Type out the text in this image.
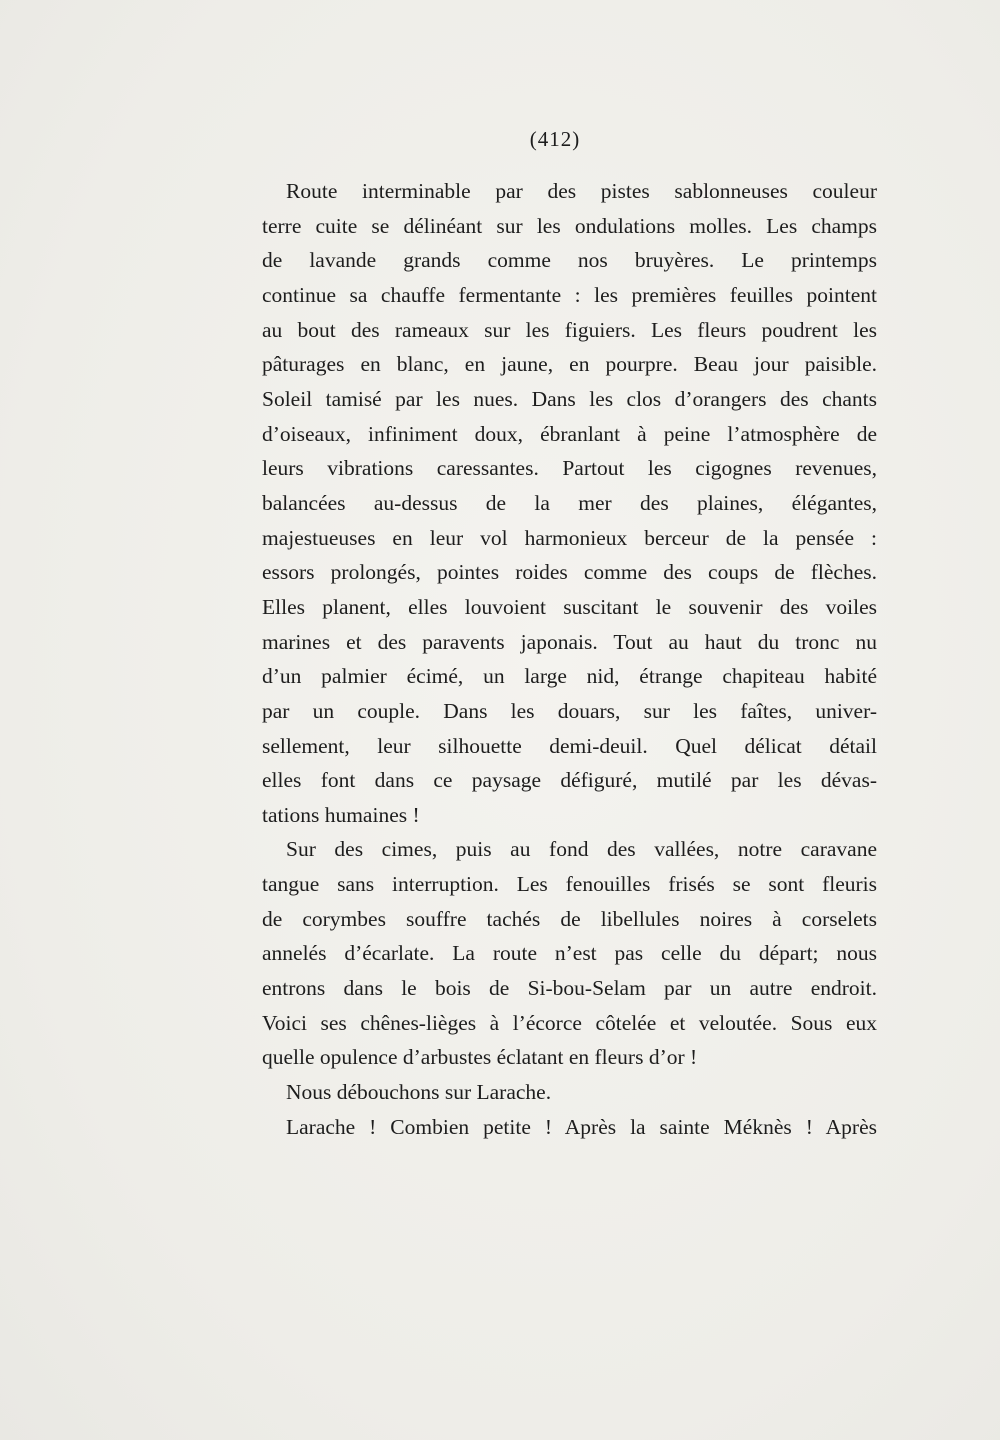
(412)
Route interminable par des pistes sablonneuses couleur
terre cuite se délinéant sur les ondulations molles. Les champs
de lavande grands comme nos bruyères. Le printemps
continue sa chauffe fermentante : les premières feuilles pointent
au bout des rameaux sur les figuiers. Les fleurs poudrent les
pâturages en blanc, en jaune, en pourpre. Beau jour paisible.
Soleil tamisé par les nues. Dans les clos d’orangers des chants
d’oiseaux, infiniment doux, ébranlant à peine l’atmosphère de
leurs vibrations caressantes. Partout les cigognes revenues,
balancées au-dessus de la mer des plaines, élégantes,
majestueuses en leur vol harmonieux berceur de la pensée :
essors prolongés, pointes roides comme des coups de flèches.
Elles planent, elles louvoient suscitant le souvenir des voiles
marines et des paravents japonais. Tout au haut du tronc nu
d’un palmier écimé, un large nid, étrange chapiteau habité
par un couple. Dans les douars, sur les faîtes, univer-
sellement, leur silhouette demi-deuil. Quel délicat détail
elles font dans ce paysage défiguré, mutilé par les dévas-
tations humaines !
Sur des cimes, puis au fond des vallées, notre caravane
tangue sans interruption. Les fenouilles frisés se sont fleuris
de corymbes souffre tachés de libellules noires à corselets
annelés d’écarlate. La route n’est pas celle du départ; nous
entrons dans le bois de Si-bou-Selam par un autre endroit.
Voici ses chênes-lièges à l’écorce côtelée et veloutée. Sous eux
quelle opulence d’arbustes éclatant en fleurs d’or !
Nous débouchons sur Larache.
Larache ! Combien petite ! Après la sainte Méknès ! Après
